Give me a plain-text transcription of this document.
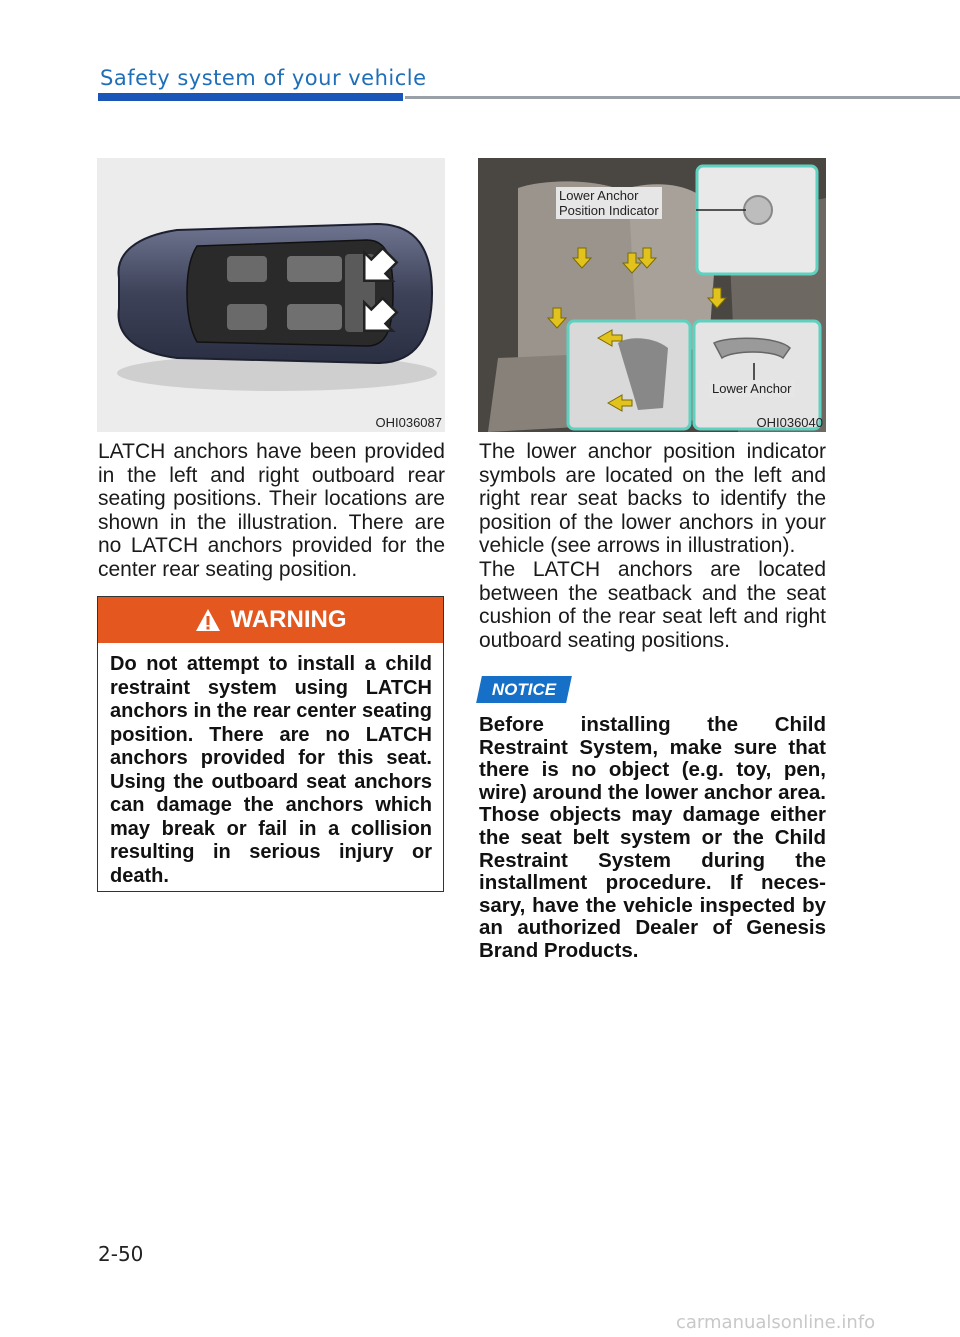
Safety system of your vehicle
OHI036087
LATCH anchors have been provided in the left and right outboard rear seating positions. Their locations are shown in the illustration. There are no LATCH anchors provided for the center rear seating position.
WARNING
Do not attempt to install a child restraint system using LATCH anchors in the rear center seating position. There are no LATCH anchors provided for this seat. Using the outboard seat anchors can damage the anchors which may break or fail in a collision resulting in serious injury or death.
Lower Anchor
Position Indicator
Lower Anchor
OHI036040
The lower anchor position indicator symbols are located on the left and right rear seat backs to identify the position of the lower anchors in your vehicle (see arrows in illustration).
The LATCH anchors are located between the seatback and the seat cushion of the rear seat left and right outboard seating positions.
NOTICE
Before installing the Child Restraint System, make sure that there is no object (e.g. toy, pen, wire) around the lower anchor area. Those objects may damage either the seat belt system or the Child Restraint System during the installment procedure. If neces-sary, have the vehicle inspected by an authorized Dealer of Genesis Brand Products.
2-50
carmanualsonline.info
